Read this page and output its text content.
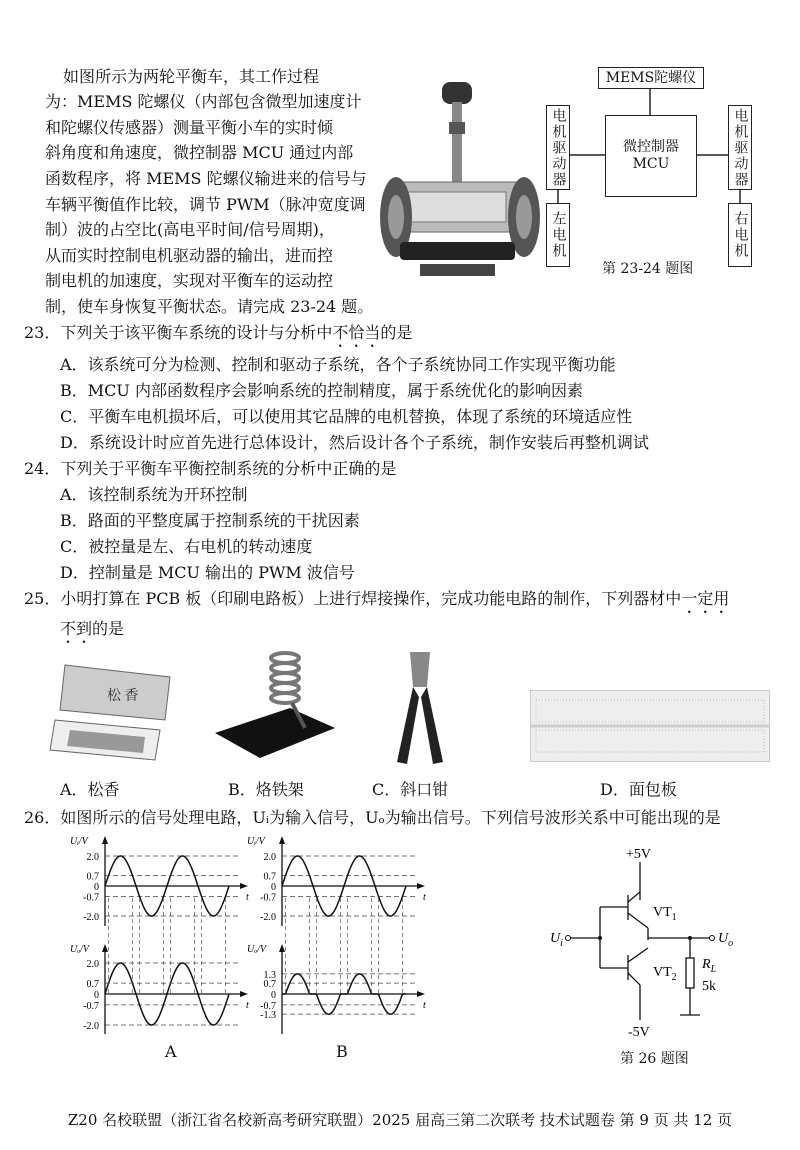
如图所示为两轮平衡车，其工作过程
为：MEMS 陀螺仪（内部包含微型加速度计
和陀螺仪传感器）测量平衡小车的实时倾
斜角度和角速度，微控制器 MCU 通过内部
函数程序，将 MEMS 陀螺仪输进来的信号与
车辆平衡值作比较，调节 PWM（脉冲宽度调
制）波的占空比(高电平时间/信号周期)，
从而实时控制电机驱动器的输出，进而控
制电机的加速度，实现对平衡车的运动控
制，使车身恢复平衡状态。请完成 23-24 题。
MEMS陀螺仪
微控制器
MCU
电机驱动器	电机驱动器
左电机	右电机
第 23-24 题图
23．下列关于该平衡车系统的设计与分析中不恰当的是
A．该系统可分为检测、控制和驱动子系统，各个子系统协同工作实现平衡功能
B．MCU 内部函数程序会影响系统的控制精度，属于系统优化的影响因素
C．平衡车电机损坏后，可以使用其它品牌的电机替换，体现了系统的环境适应性
D．系统设计时应首先进行总体设计，然后设计各个子系统，制作安装后再整机调试
24．下列关于平衡车平衡控制系统的分析中正确的是
A．该控制系统为开环控制
B．路面的平整度属于控制系统的干扰因素
C．被控量是左、右电机的转动速度
D．控制量是 MCU 输出的 PWM 波信号
25．小明打算在 PCB 板（印刷电路板）上进行焊接操作，完成功能电路的制作，下列器材中一定用
不到的是
松 香
A．松香	B．烙铁架	C．斜口钳	D．面包板
26．如图所示的信号处理电路，Uᵢ为输入信号，Uₒ为输出信号。下列信号波形关系中可能出现的是
2.0
0.7
0
-0.7
-2.0
Uᵢ/V
t
2.0
0.7
0
-0.7
-2.0
Uₒ/V
t
2.0
0.7
0
-0.7
-2.0
Uᵢ/V
t
1.3
0.7
0
-0.7
-1.3
Uₒ/V
t
A	B
+5V
-5V
$VT_1$
$VT_2$
$U_i$	$U_o$
$R_L$
5k
第 26 题图
Z20 名校联盟（浙江省名校新高考研究联盟）2025 届高三第二次联考 技术试题卷 第 9 页 共 12 页
